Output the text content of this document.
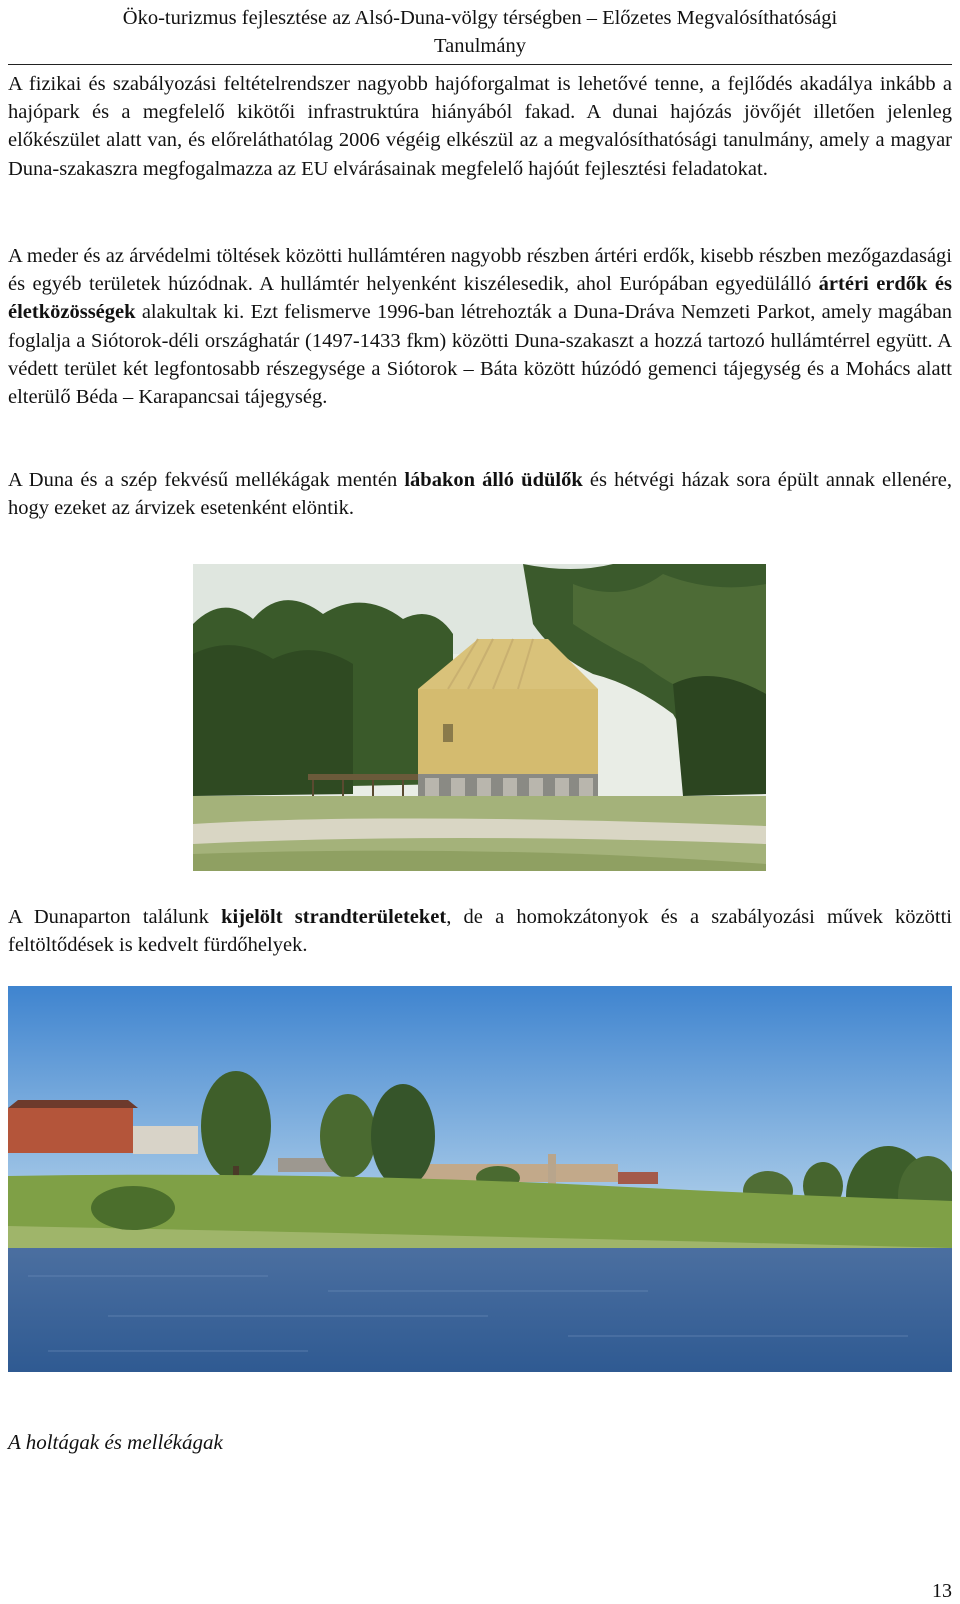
Öko-turizmus fejlesztése az Alsó-Duna-völgy térségben – Előzetes Megvalósíthatósági
Tanulmány

A fizikai és szabályozási feltételrendszer nagyobb hajóforgalmat is lehetővé tenne, a fejlődés akadálya inkább a hajópark és a megfelelő kikötői infrastruktúra hiányából fakad. A dunai hajózás jövőjét illetően jelenleg előkészület alatt van, és előreláthatólag 2006 végéig elkészül az a megvalósíthatósági tanulmány, amely a magyar Duna-szakaszra megfogalmazza az EU elvárásainak megfelelő hajóút fejlesztési feladatokat.

A meder és az árvédelmi töltések közötti hullámtéren nagyobb részben ártéri erdők, kisebb részben mezőgazdasági és egyéb területek húzódnak. A hullámtér helyenként kiszélesedik, ahol Európában egyedülálló ártéri erdők és életközösségek alakultak ki. Ezt felismerve 1996-ban létrehozták a Duna-Dráva Nemzeti Parkot, amely magában foglalja a Siótorok-déli országhatár (1497-1433 fkm) közötti Duna-szakaszt a hozzá tartozó hullámtérrel együtt. A védett terület két legfontosabb részegysége a Siótorok – Báta között húzódó gemenci tájegység és a Mohács alatt elterülő Béda – Karapancsai tájegység.

A Duna és a szép fekvésű mellékágak mentén lábakon álló üdülők és hétvégi házak sora épült annak ellenére, hogy ezeket az árvizek esetenként elöntik.

A Dunaparton találunk kijelölt strandterületeket, de a homokzátonyok és a szabályozási művek közötti feltöltődések is kedvelt fürdőhelyek.

A holtágak és mellékágak

13
